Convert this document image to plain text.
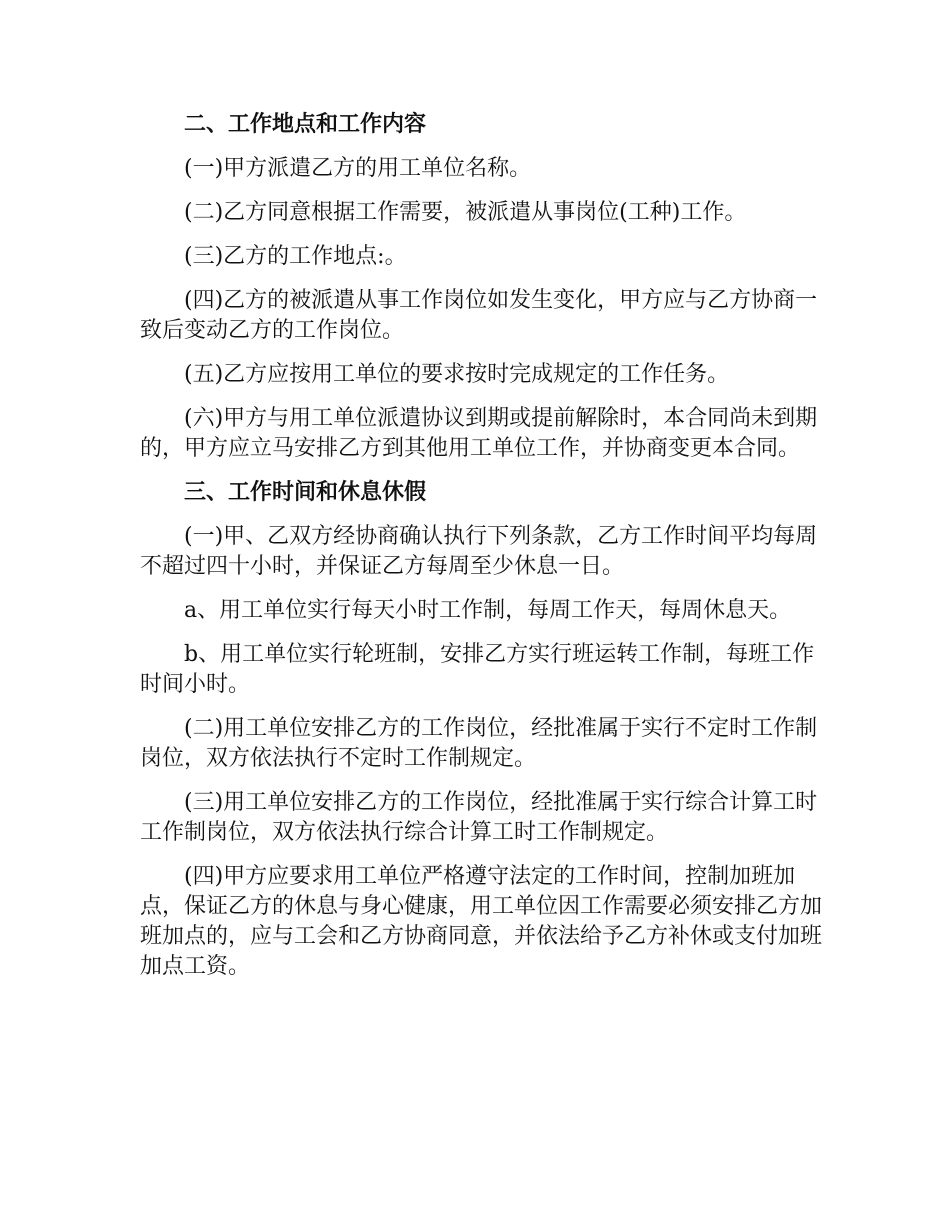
二、工作地点和工作内容

(一)甲方派遣乙方的用工单位名称。

(二)乙方同意根据工作需要，被派遣从事岗位(工种)工作。

(三)乙方的工作地点:。

(四)乙方的被派遣从事工作岗位如发生变化，甲方应与乙方协商一致后变动乙方的工作岗位。

(五)乙方应按用工单位的要求按时完成规定的工作任务。

(六)甲方与用工单位派遣协议到期或提前解除时，本合同尚未到期的，甲方应立马安排乙方到其他用工单位工作，并协商变更本合同。

三、工作时间和休息休假

(一)甲、乙双方经协商确认执行下列条款，乙方工作时间平均每周不超过四十小时，并保证乙方每周至少休息一日。

a、用工单位实行每天小时工作制，每周工作天，每周休息天。

b、用工单位实行轮班制，安排乙方实行班运转工作制，每班工作时间小时。

(二)用工单位安排乙方的工作岗位，经批准属于实行不定时工作制岗位，双方依法执行不定时工作制规定。

(三)用工单位安排乙方的工作岗位，经批准属于实行综合计算工时工作制岗位，双方依法执行综合计算工时工作制规定。

(四)甲方应要求用工单位严格遵守法定的工作时间，控制加班加点，保证乙方的休息与身心健康，用工单位因工作需要必须安排乙方加班加点的，应与工会和乙方协商同意，并依法给予乙方补休或支付加班加点工资。
